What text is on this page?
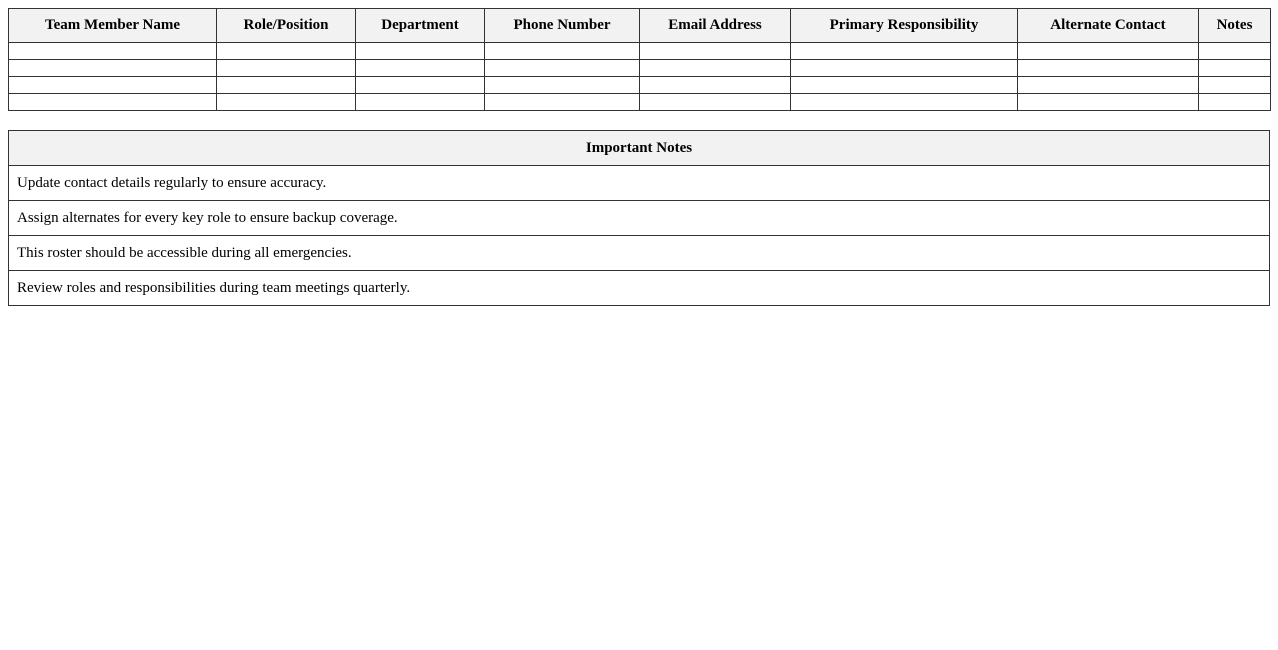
Team Member Name	Role/Position	Department	Phone Number	Email Address	Primary Responsibility	Alternate Contact	Notes

Important Notes
Update contact details regularly to ensure accuracy.
Assign alternates for every key role to ensure backup coverage.
This roster should be accessible during all emergencies.
Review roles and responsibilities during team meetings quarterly.
